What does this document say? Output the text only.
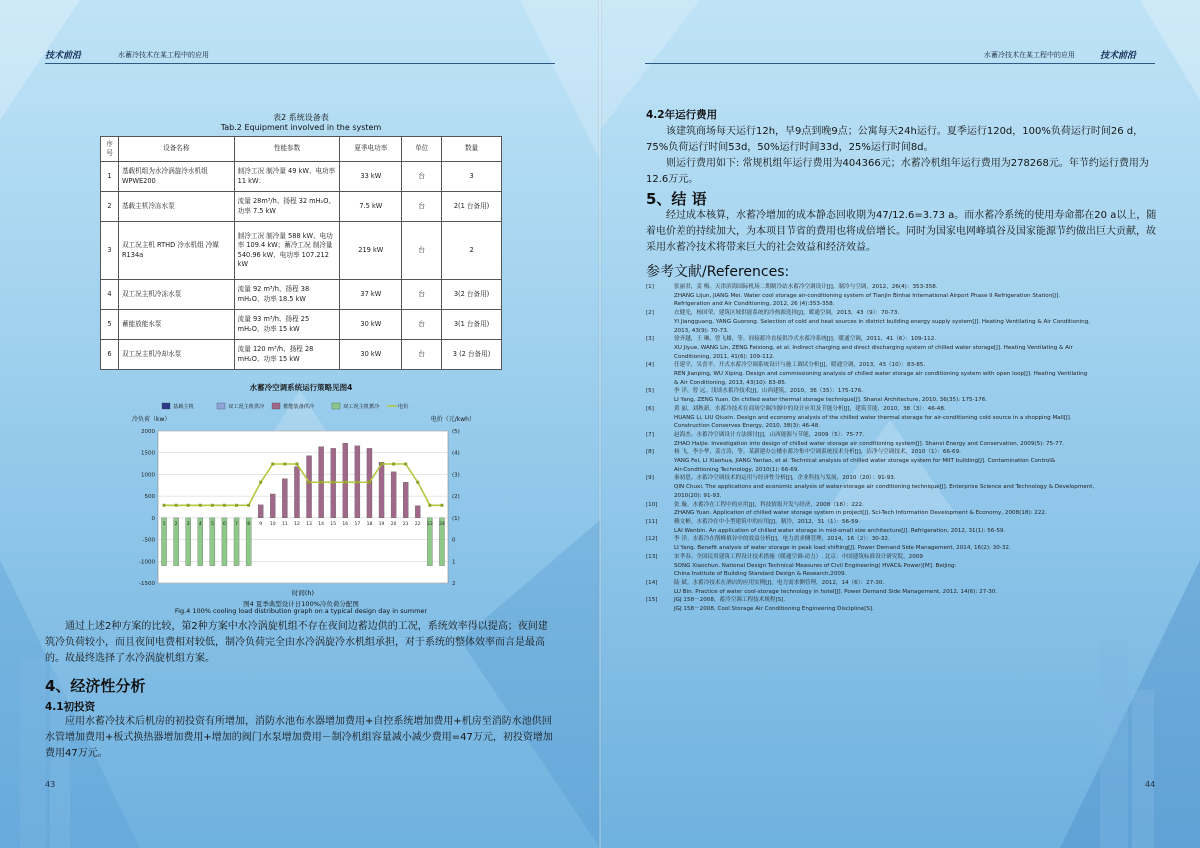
技术前沿	水蓄冷技术在某工程中的应用
表2 系统设备表
Tab.2 Equipment involved in the system
序号	设备名称	性能参数	夏季电功率	单位	数量
1	基载机组为水冷涡旋冷水机组 WPWE200	制冷工况 制冷量 49 kW、电功率 11 kW：	33 kW	台	3
2	基载主机冷冻水泵	流量 28m³/h、扬程 32 mH₂O、功率 7.5 kW	7.5 kW	台	2(1 台备用)
3	双工况主机 RTHD 冷水机组 冷媒 R134a	制冷工况 制冷量 588 kW、电功率 109.4 kW；蓄冷工况 制冷量 540.96 kW、电功率 107.212 kW	219 kW	台	2
4	双工况主机冷冻水泵	流量 92 m³/h、扬程 38 mH₂O、功率 18.5 kW	37 kW	台	3(2 台备用)
5	蓄能放能水泵	流量 93 m³/h、扬程 25 mH₂O、功率 15 kW	30 kW	台	3(1 台备用)
6	双工况主机冷却水泵	流量 120 m³/h、扬程 28 mH₂O、功率 15 kW	30 kW	台	3 (2 台备用)
水蓄冷空调系统运行策略见图4
-1500	2
-1000	1
-500	0
0	(1)
500	(2)
1000	(3)
1500	(4)
2000	(5)
1 2 3 4 5 6 7 8 9 10 11 12 13 14 15 16 17 18 19 20 21 22 23 24
基载主机	双工况主机供冷	蓄能装备供冷	双工况主机蓄冷	电价
冷负荷（kw）	电价（元/kwh）
时间(h)
图4 夏季典型设计日100%冷负荷分配图
Fig.4 100% cooling load distribution graph on a typical design day in summer
通过上述2种方案的比较，第2种方案中水冷涡旋机组不存在夜间边蓄边供的工况，系统效率得以提高；夜间建筑冷负荷较小，而且夜间电费相对较低，制冷负荷完全由水冷涡旋冷水机组承担，对于系统的整体效率而言是最高的。故最终选择了水冷涡旋机组方案。
4、经济性分析
4.1初投资
应用水蓄冷技术后机房的初投资有所增加，消防水池布水器增加费用+自控系统增加费用+机房至消防水池供回水管增加费用+板式换热器增加费用+增加的阀门水泵增加费用－制冷机组容量减小减少费用=47万元，初投资增加费用47万元。
43
水蓄冷技术在某工程中的应用	技术前沿
4.2年运行费用
该建筑商场每天运行12h，早9点到晚9点；公寓每天24h运行。夏季运行120d，100%负荷运行时间26 d，75%负荷运行时间53d，50%运行时间33d，25%运行时间8d。
则运行费用如下: 常规机组年运行费用为404366元；水蓄冷机组年运行费用为278268元。年节约运行费用为12.6万元。
5、结 语
经过成本核算，水蓄冷增加的成本静态回收期为47/12.6=3.73 a。而水蓄冷系统的使用寿命都在20 a以上，随着电价差的持续加大，为本项目节省的费用也将成倍增长。同时为国家电网峰填谷及国家能源节约做出巨大贡献，故采用水蓄冷技术将带来巨大的社会效益和经济效益。
参考文献/References:
44
[1]	张丽君，姜 梅。天津滨海国际机场二期制冷站水蓄冷空调设计[J]，制冷与空调，2012，26(4)：353-358.
ZHANG Lijun, JIANG Mei. Water cool storage air-conditioning system of Tianjin Binhai International Airport Phase II Refrigeration Station[J].
Refrigeration and Air Conditioning, 2012, 26 (4):353-358.
[2]	衣健光，杨国荣。建筑区域供能系统的冷热源选择[J]，暖通空调，2013，43（9）：70-73.
YI Jiangguang, YANG Guorong. Selection of cold and heat sources in district building energy supply system[J]. Heating Ventilating & Air Conditioning,
2013, 43(9): 70-73.
[3]	徐齐越，王 琳，曾飞雄，等。间接蓄冷直接供冷式水蓄冷系统[J]，暖通空调，2011，41（6）：109-112.
XU Jiyue, WANG Lin, ZENG Feixiong, et al. Indirect charging and direct discharging system of chilled water storage[J]. Heating Ventilating & Air
Conditioning, 2011, 41(6): 109-112.
[4]	任建平，吴喜平。开式水蓄冷空调系统设计与施工调试分析[J]，暖通空调，2013，43（10）：83-85.
REN Jianping, WU Xiping. Design and commissioning analysis of chilled water storage air conditioning system with open loop[J]. Heating Ventilating
& Air Conditioning, 2013, 43(10): 83-85.
[5]	李 洋，曾 远。浅谈水蓄冷技术[J]，山西建筑，2010，36（35）：175-176.
LI Yang, ZENG Yuan. On chilled water thermal storage technique[J]. Shanxi Architecture, 2010, 36(35): 175-176.
[6]	黄 丽，刘秋新。水蓄冷技术在商场空调冷源中的设计应用及节能分析[J]，建筑节能，2010，38（3）：46-48.
HUANG Li, LIU Qiuxin. Design and economy analysis of the chilled water thermal storage for air-conditioning cold source in a shopping Mall[J].
Construction Conserves Energy, 2010, 38(3): 46-48.
[7]	赵海杰。水蓄冷空调设计方法探讨[J]，山西能源与节能，2009（5）：75-77.
ZHAO Haijie. Investigation into design of chilled water storage air conditioning system[J]. Shanxi Energy and Conservation, 2009(5): 75-77.
[8]	杨 飞，李小华，姜言涛，等。某新建办公楼水蓄冷集中空调系统技术分析[J]，洁净与空调技术，2010（1）：66-69.
YANG Fei, LI Xiaohua, JIANG Yantao, et al. Technical analysis of chilled water storage system for MIIT building[J]. Contamination Control&
Air-Conditioning Technology, 2010(1): 66-69.
[9]	秦初思。水蓄冷空调技术的运用与经济性分析[J]，企业科技与发展，2010（20）：91-93.
QIN Chuxi. The applications and economic analysis of water-storage air conditioning technique[J]. Enterprise Science and Technology & Development,
2010(20): 91-93.
[10]	张 璇。水蓄冷在工程中的应用[J]，科技情报开发与经济，2008（18）：222.
ZHANG Yuan. Application of chilled water storage system in project[J]. Sci-Tech Information Development & Economy, 2008(18): 222.
[11]	赖文彬。水蓄冷在中小型建筑中的应用[J]，制冷，2012，31（1）：56-59.
LAI Wenbin. An application of chilled water storage in mid-small size architecture[J]. Refrigeration, 2012, 31(1): 56-59.
[12]	李 洋。水蓄冷在削峰填谷中的效益分析[J]，电力需求侧管理，2014，16（2）：30-32.
LI Yang. Benefit analysis of water storage in peak load shifting[J]. Power Demand Side Management, 2014, 16(2): 30-32.
[13]	宋孝春。全国民用建筑工程设计技术措施（暖通空调·动力）. 北京：中国建筑标准设计研究院，2009
SONG Xiaochun. National Design Technical Measures of Civil Engineering( HVAC& Power)[M]. Beijing:
China Institute of Building Standard Design & Research,2009.
[14]	陆 斌。水蓄冷技术在酒店的应用实例[J]，电力需求侧管理，2012，14（6）：27-30.
LU Bin. Practice of water cool-storage technology in hotel[J]. Power Demand Side Management, 2012, 14(6): 27-30.
[15]	JGJ 158－2008，蓄冷空调工程技术规程[S].
JGJ 158－2008, Cool Storage Air Conditioning Engineering Discipline[S].
